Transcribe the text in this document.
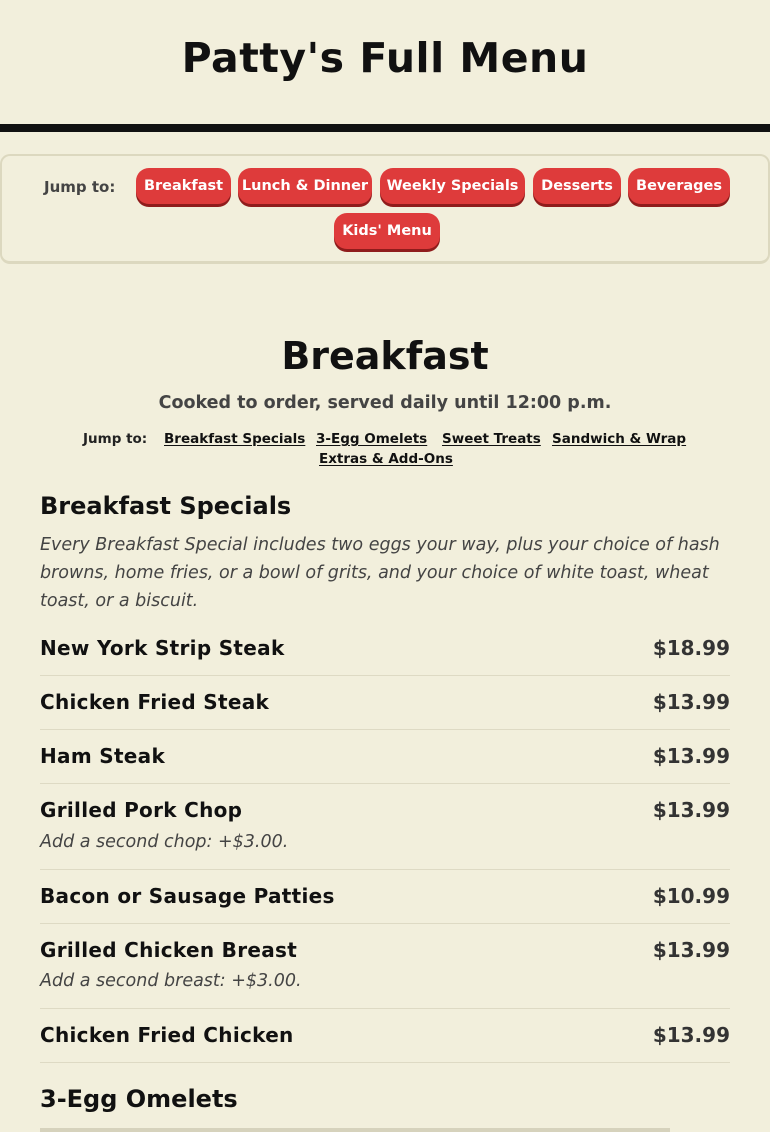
Patty's Full Menu
Jump to:	Breakfast	Lunch & Dinner	Weekly Specials	Desserts	Beverages
Kids' Menu
Breakfast
Cooked to order, served daily until 12:00 p.m.
Jump to: Breakfast Specials 3-Egg Omelets Sweet Treats Sandwich & Wrap
Extras & Add-Ons
Breakfast Specials

Every Breakfast Special includes two eggs your way, plus your choice of hash browns, home fries, or a bowl of grits, and your choice of white toast, wheat toast, or a biscuit.

New York Strip Steak	$18.99
Chicken Fried Steak	$13.99
Ham Steak	$13.99
Grilled Pork Chop	$13.99
Add a second chop: +$3.00.
Bacon or Sausage Patties	$10.99
Grilled Chicken Breast	$13.99
Add a second breast: +$3.00.
Chicken Fried Chicken	$13.99
3-Egg Omelets
